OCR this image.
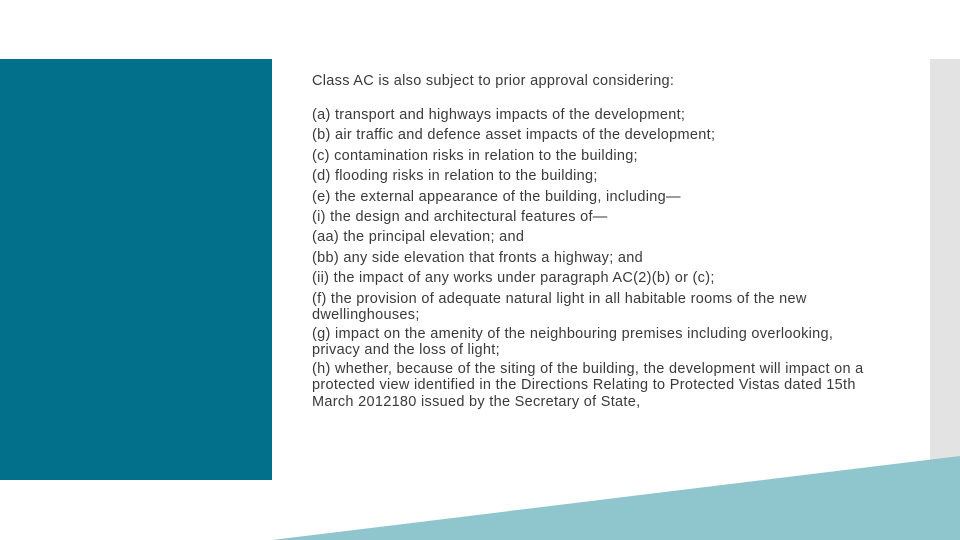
Class AC is also subject to prior approval considering:

(a) transport and highways impacts of the development;
(b) air traffic and defence asset impacts of the development;
(c) contamination risks in relation to the building;
(d) flooding risks in relation to the building;
(e) the external appearance of the building, including—
(i) the design and architectural features of—
(aa) the principal elevation; and
(bb) any side elevation that fronts a highway; and
(ii) the impact of any works under paragraph AC(2)(b) or (c);
(f) the provision of adequate natural light in all habitable rooms of the new dwellinghouses;
(g) impact on the amenity of the neighbouring premises including overlooking, privacy and the loss of light;
(h) whether, because of the siting of the building, the development will impact on a protected view identified in the Directions Relating to Protected Vistas dated 15th March 2012180 issued by the Secretary of State,
